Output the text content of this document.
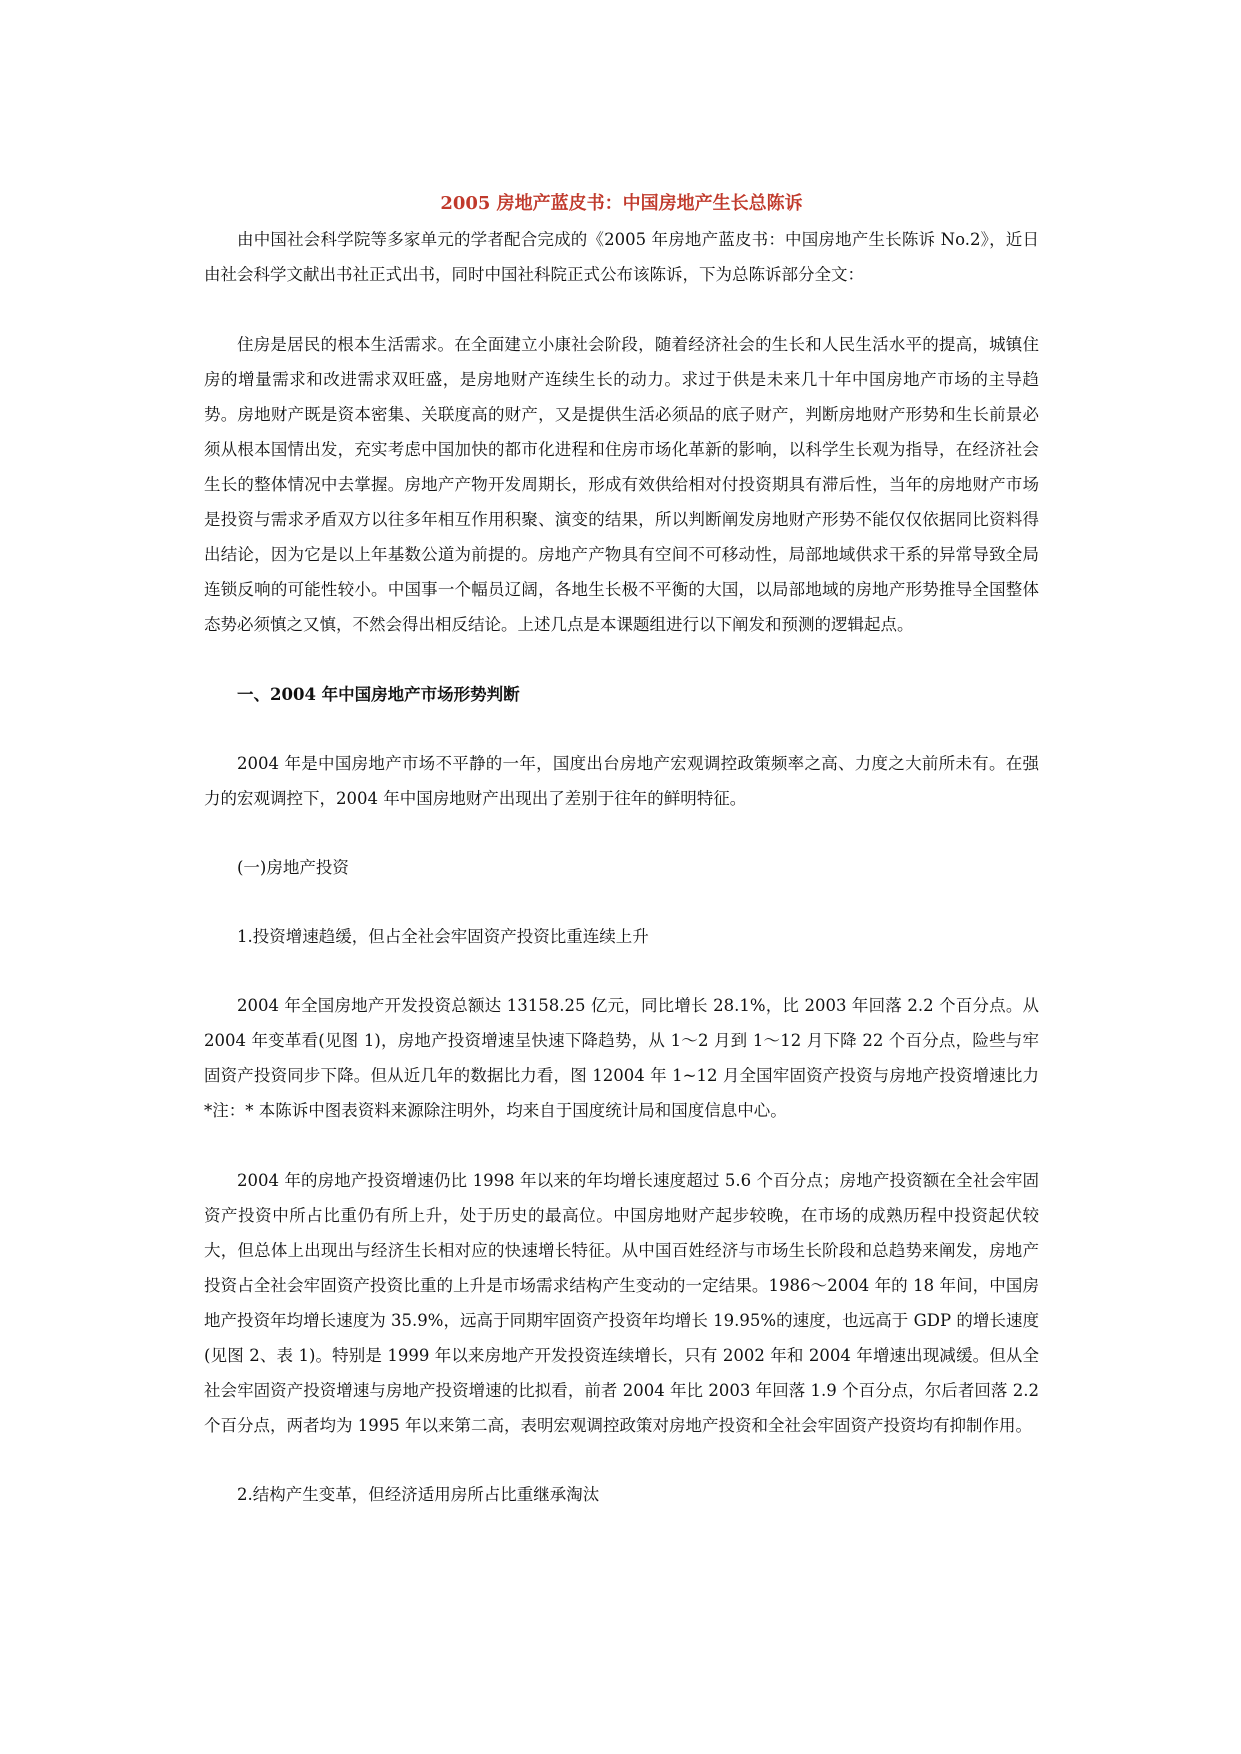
2005 房地产蓝皮书：中国房地产生长总陈诉

由中国社会科学院等多家单元的学者配合完成的《2005 年房地产蓝皮书：中国房地产生长陈诉 No.2》，近日由社会科学文献出书社正式出书，同时中国社科院正式公布该陈诉，下为总陈诉部分全文：

住房是居民的根本生活需求。在全面建立小康社会阶段，随着经济社会的生长和人民生活水平的提高，城镇住房的增量需求和改进需求双旺盛，是房地财产连续生长的动力。求过于供是未来几十年中国房地产市场的主导趋势。房地财产既是资本密集、关联度高的财产，又是提供生活必须品的底子财产，判断房地财产形势和生长前景必须从根本国情出发，充实考虑中国加快的都市化进程和住房市场化革新的影响，以科学生长观为指导，在经济社会生长的整体情况中去掌握。房地产产物开发周期长，形成有效供给相对付投资期具有滞后性，当年的房地财产市场是投资与需求矛盾双方以往多年相互作用积聚、演变的结果，所以判断阐发房地财产形势不能仅仅依据同比资料得出结论，因为它是以上年基数公道为前提的。房地产产物具有空间不可移动性，局部地域供求干系的异常导致全局连锁反响的可能性较小。中国事一个幅员辽阔，各地生长极不平衡的大国，以局部地域的房地产形势推导全国整体态势必须慎之又慎，不然会得出相反结论。上述几点是本课题组进行以下阐发和预测的逻辑起点。

一、2004 年中国房地产市场形势判断

2004 年是中国房地产市场不平静的一年，国度出台房地产宏观调控政策频率之高、力度之大前所未有。在强力的宏观调控下，2004 年中国房地财产出现出了差别于往年的鲜明特征。

(一)房地产投资

1.投资增速趋缓，但占全社会牢固资产投资比重连续上升

2004 年全国房地产开发投资总额达 13158.25 亿元，同比增长 28.1%，比 2003 年回落 2.2 个百分点。从 2004 年变革看(见图 1)，房地产投资增速呈快速下降趋势，从 1～2 月到 1～12 月下降 22 个百分点，险些与牢固资产投资同步下降。但从近几年的数据比力看，图 12004 年 1~12 月全国牢固资产投资与房地产投资增速比力*注：* 本陈诉中图表资料来源除注明外，均来自于国度统计局和国度信息中心。

2004 年的房地产投资增速仍比 1998 年以来的年均增长速度超过 5.6 个百分点；房地产投资额在全社会牢固资产投资中所占比重仍有所上升，处于历史的最高位。中国房地财产起步较晚，在市场的成熟历程中投资起伏较大，但总体上出现出与经济生长相对应的快速增长特征。从中国百姓经济与市场生长阶段和总趋势来阐发，房地产投资占全社会牢固资产投资比重的上升是市场需求结构产生变动的一定结果。1986～2004 年的 18 年间，中国房地产投资年均增长速度为 35.9%，远高于同期牢固资产投资年均增长 19.95%的速度，也远高于 GDP 的增长速度(见图 2、表 1)。特别是 1999 年以来房地产开发投资连续增长，只有 2002 年和 2004 年增速出现减缓。但从全社会牢固资产投资增速与房地产投资增速的比拟看，前者 2004 年比 2003 年回落 1.9 个百分点，尔后者回落 2.2 个百分点，两者均为 1995 年以来第二高，表明宏观调控政策对房地产投资和全社会牢固资产投资均有抑制作用。

2.结构产生变革，但经济适用房所占比重继承淘汰
